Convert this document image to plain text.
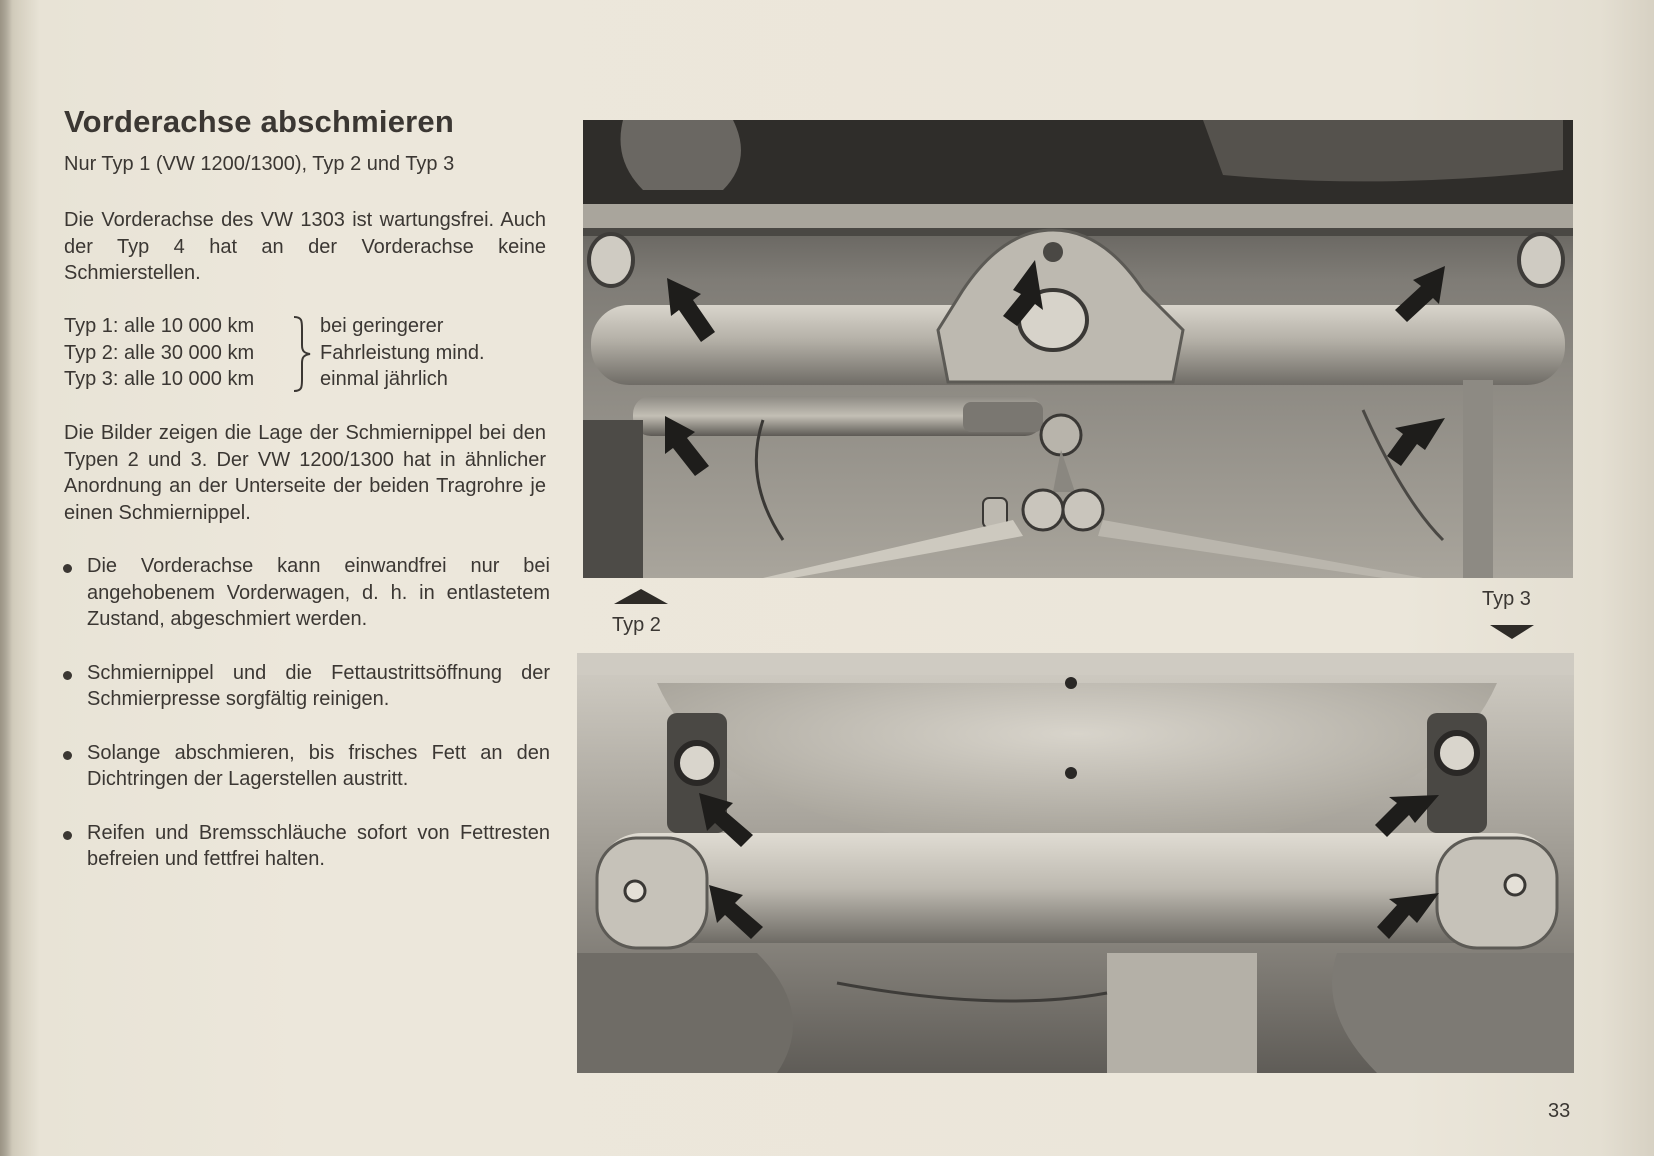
Vorderachse abschmieren
Nur Typ 1 (VW 1200/1300), Typ 2 und Typ 3
Die Vorderachse des VW 1303 ist wartungsfrei. Auch der Typ 4 hat an der Vorderachse keine Schmierstellen.
Typ 1: alle 10 000 km
Typ 2: alle 30 000 km
Typ 3: alle 10 000 km
bei geringerer
Fahrleistung mind.
einmal jährlich
Die Bilder zeigen die Lage der Schmiernippel bei den Typen 2 und 3. Der VW 1200/1300 hat in ähnlicher Anordnung an der Unterseite der beiden Tragrohre je einen Schmiernippel.
Die Vorderachse kann einwandfrei nur bei angehobenem Vorderwagen, d. h. in entlastetem Zustand, abgeschmiert werden.
Schmiernippel und die Fettaustrittsöffnung der Schmierpresse sorgfältig reinigen.
Solange abschmieren, bis frisches Fett an den Dichtringen der Lagerstellen austritt.
Reifen und Bremsschläuche sofort von Fettresten befreien und fettfrei halten.
Typ 2
Typ 3
33
